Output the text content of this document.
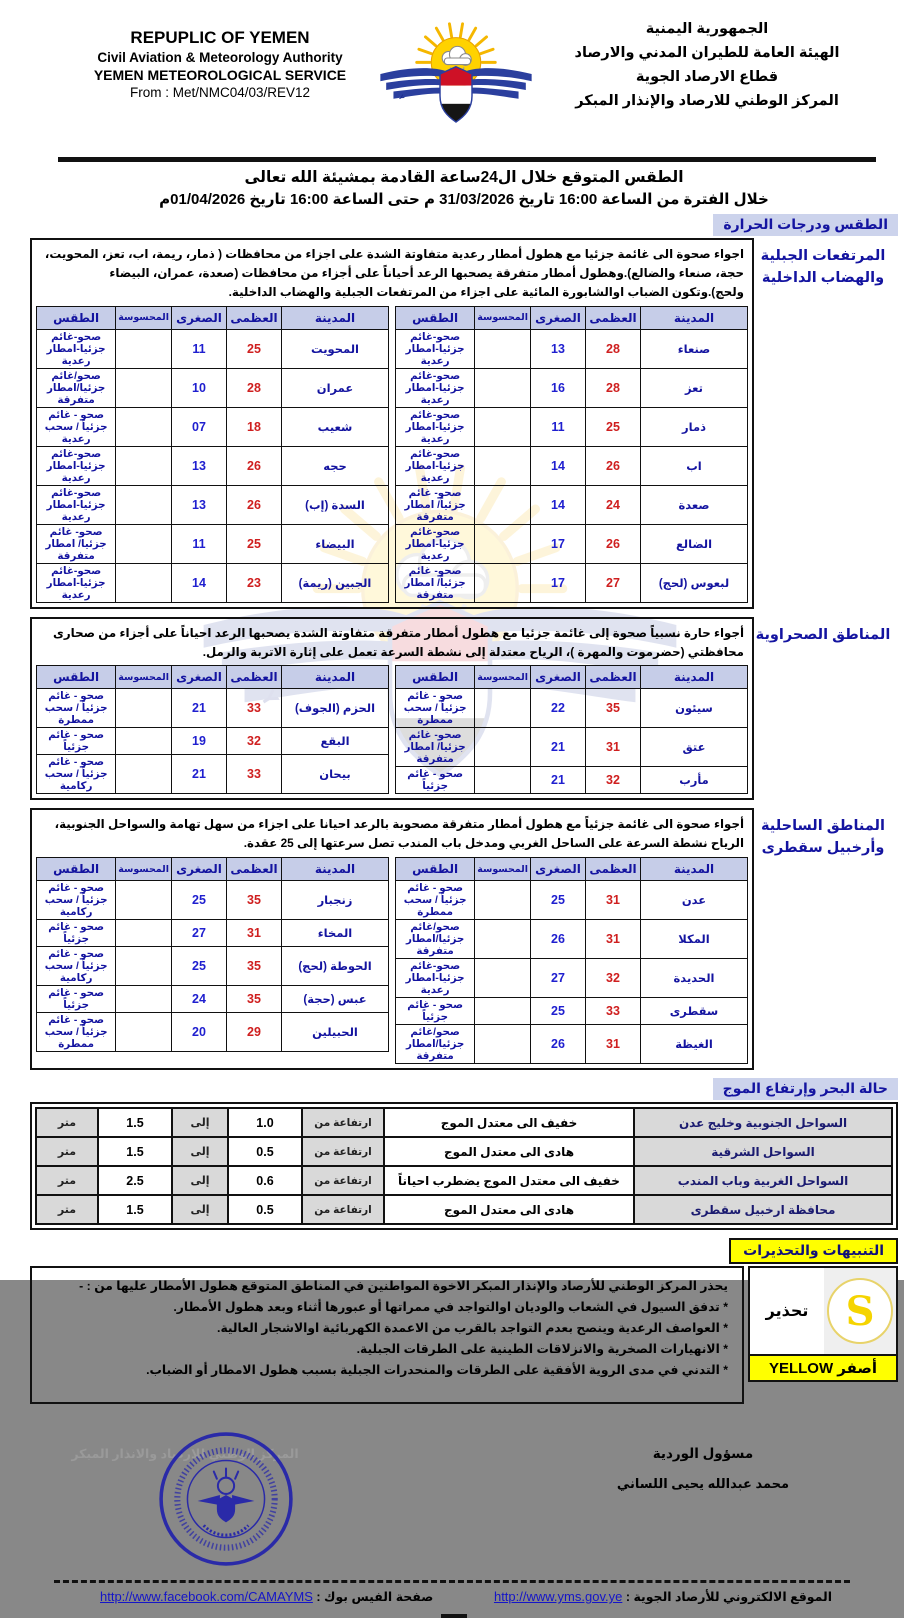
الجمهورية اليمنية
الهيئة العامة للطيران المدني والارصاد
قطاع الارصاد الجوية
المركز الوطني للارصاد والإنذار المبكر
REPUPLIC OF YEMEN
Civil Aviation & Meteorology Authority
YEMEN METEOROLOGICAL SERVICE
From : Met/NMC04/03/REV12
الطقس المتوقع خلال ال24ساعة القادمة بمشيئة الله تعالى
خلال الفترة من الساعة 16:00 تاريخ 31/03/2026 م حتى الساعة 16:00 تاريخ 01/04/2026م
الطقس ودرجات الحرارة
المرتفعات الجبلية والهضاب الداخلية
اجواء صحوة الى غائمة جزئيا مع هطول أمطار رعدية متفاوتة الشدة على اجزاء من محافظات ( ذمار، ريمة، اب، تعز، المحويت، حجة، صنعاء والضالع).وهطول أمطار متفرقة يصحبها الرعد أحياناً على أجزاء من محافظات (صعدة، عمران، البيضاء ولحج).وتكون الضباب اوالشابورة المائية على اجزاء من المرتفعات الجبلية والهضاب الداخلية.
المدينة	العظمى	الصغرى	المحسوسة	الطقس
صنعاء	28	13		صحو-غائم جزئيا-امطار رعدية
تعز	28	16		صحو-غائم جزئيا-امطار رعدية
ذمار	25	11		صحو-غائم جزئيا-امطار رعدية
اب	26	14		صحو-غائم جزئيا-امطار رعدية
صعدة	24	14		صحو- غائم جزئياً/ امطار متفرقة
الضالع	26	17		صحو-غائم جزئيا-امطار رعدية
لبعوس (لحج)	27	17		صحو- غائم جزئياً/ امطار متفرقة
المدينة	العظمى	الصغرى	المحسوسة	الطقس
المحويت	25	11		صحو-غائم جزئيا-امطار رعدية
عمران	28	10		صحو/غائم جزئيا/امطار متفرقة
شعيب	18	07		صحو - غائم جزئياً / سحب رعدية
حجه	26	13		صحو-غائم جزئيا-امطار رعدية
السدة (إب)	26	13		صحو-غائم جزئيا-امطار رعدية
البيضاء	25	11		صحو- غائم جزئيا/ امطار متفرقة
الجبين (ريمة)	23	14		صحو-غائم جزئيا-امطار رعدية
المناطق الصحراوية
أجواء حارة نسبياً صحوة إلى غائمة جزئيا مع هطول أمطار متفرقة متفاوتة الشدة يصحبها الرعد احياناً على أجزاء من صحارى محافظتي (حضرموت والمهرة )، الرياح معتدلة إلى نشطة السرعة تعمل على إثارة الاتربة والرمل.
المدينة	العظمى	الصغرى	المحسوسة	الطقس
سيئون	35	22		صحو - غائم جزئياً / سحب ممطرة
عتق	31	21		صحو- غائم جزئيا/ امطار متفرقة
مأرب	32	21		صحو - غائم جزئياً
المدينة	العظمى	الصغرى	المحسوسة	الطقس
الحزم (الجوف)	33	21		صحو - غائم جزئياً / سحب ممطرة
البقع	32	19		صحو - غائم جزئياً
بيحان	33	21		صحو - غائم جزئياً / سحب ركامية
المناطق الساحلية وأرخبيل سقطرى
أجواء صحوة الى غائمة جزئياً مع هطول أمطار متفرقة مصحوبة بالرعد احيانا على اجزاء من سهل تهامة والسواحل الجنوبية، الرياح نشطة السرعة على الساحل الغربي ومدخل باب المندب تصل سرعتها إلى 25 عقدة.
المدينة	العظمى	الصغرى	المحسوسة	الطقس
عدن	31	25		صحو - غائم جزئياً / سحب ممطرة
المكلا	31	26		صحو/غائم جزئيا/امطار متفرقة
الحديدة	32	27		صحو-غائم جزئيا-امطار رعدية
سقطرى	33	25		صحو - غائم جزئياً
الغيظة	31	26		صحو/غائم جزئيا/امطار متفرقة
المدينة	العظمى	الصغرى	المحسوسة	الطقس
زنجبار	35	25		صحو - غائم جزئياً / سحب ركامية
المخاء	31	27		صحو - غائم جزئياً
الحوطة (لحج)	35	25		صحو - غائم جزئياً / سحب ركامية
عبس (حجة)	35	24		صحو - غائم جزئياً
الحبيلين	29	20		صحو - غائم جزئياً / سحب ممطرة
حالة البحر وإرتفاع الموج
السواحل الجنوبية وخليج عدن	خفيف الى معتدل الموج	ارتفاعة من	1.0	إلى	1.5	متر
السواحل الشرقية	هادى الى معتدل الموج	ارتفاعة من	0.5	إلى	1.5	متر
السواحل الغربية وباب المندب	خفيف الى معتدل الموج يضطرب احياناً	ارتفاعة من	0.6	إلى	2.5	متر
محافظة ارخبيل سقطرى	هادى الى معتدل الموج	ارتفاعة من	0.5	إلى	1.5	متر
التنبيهات والتحذيرات
S
تحذير
أصفر YELLOW
يحذر المركز الوطني للأرصاد والإنذار المبكر الاخوة المواطنين في المناطق المتوقع هطول الأمطار عليها من : -
* تدفق السيول في الشعاب والوديان اوالتواجد في ممراتها أو عبورها أثناء وبعد هطول الأمطار.
* العواصف الرعدية وينصح بعدم التواجد بالقرب من الاعمدة الكهربائية اوالاشجار العالية.
* الانهيارات الصخرية والانزلاقات الطينية على الطرقات الجبلية.
* التدني في مدى الروية الأفقية على الطرقات والمنحدرات الجبلية بسبب هطول الامطار أو الضباب.
مسؤول الوردية
محمد عبدالله يحيى اللساني
المركز الوطني للارصاد والانذار المبكر
الموقع الالكتروني للأرصاد الجوية : http://www.yms.gov.ye
صفحة الفيس بوك : http://www.facebook.com/CAMAYMS
